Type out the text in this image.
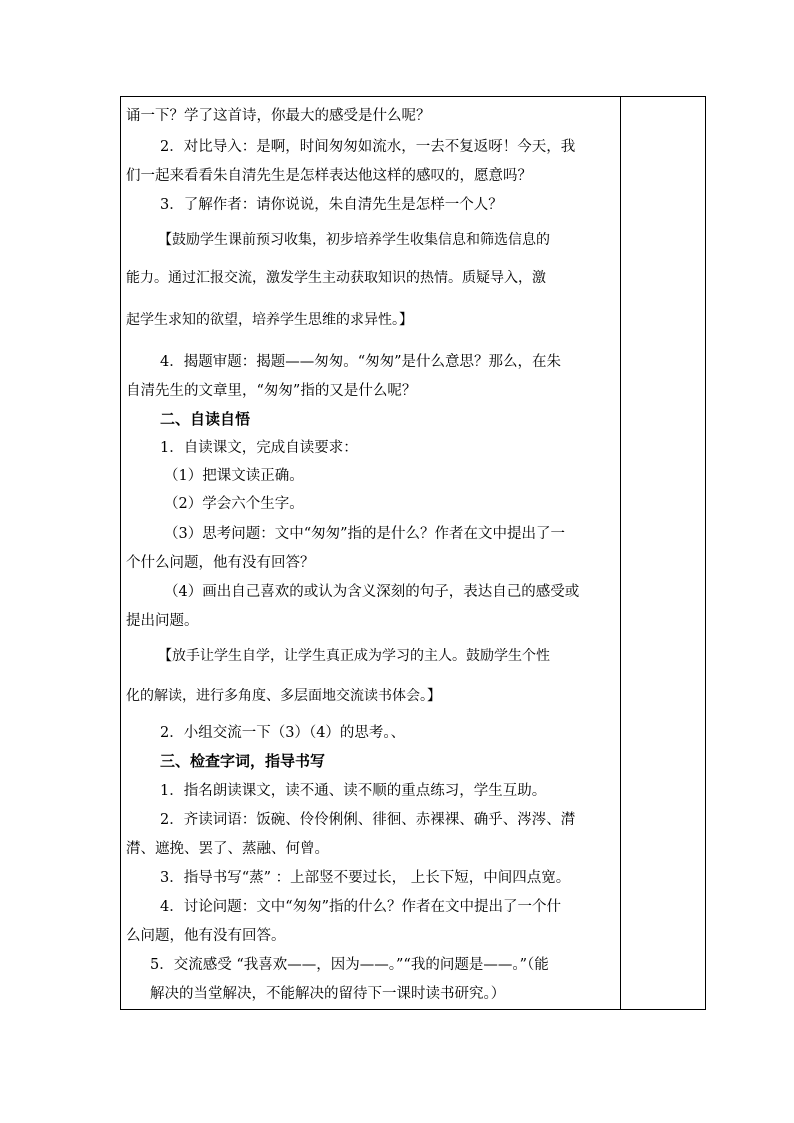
诵一下？学了这首诗，你最大的感受是什么呢？
2．对比导入：是啊，时间匆匆如流水，一去不复返呀！今天，我
们一起来看看朱自清先生是怎样表达他这样的感叹的，愿意吗？
3．了解作者：请你说说，朱自清先生是怎样一个人？
【鼓励学生课前预习收集，初步培养学生收集信息和筛选信息的
能力。通过汇报交流，激发学生主动获取知识的热情。质疑导入，激
起学生求知的欲望，培养学生思维的求异性。】
4．揭题审题：揭题——匆匆。“匆匆”是什么意思？那么，在朱
自清先生的文章里，“匆匆”指的又是什么呢？
二、自读自悟
1．自读课文，完成自读要求：
（1）把课文读正确。
（2）学会六个生字。
（3）思考问题：文中“匆匆”指的是什么？作者在文中提出了一
个什么问题，他有没有回答？
（4）画出自己喜欢的或认为含义深刻的句子，表达自己的感受或
提出问题。
【放手让学生自学，让学生真正成为学习的主人。鼓励学生个性
化的解读，进行多角度、多层面地交流读书体会。】
2．小组交流一下（3）（4）的思考。、
三、检查字词，指导书写
1．指名朗读课文，读不通、读不顺的重点练习，学生互助。
2．齐读词语：饭碗、伶伶俐俐、徘徊、赤裸裸、确乎、涔涔、潸
潸、遮挽、罢了、蒸融、何曾。
3．指导书写“蒸” ：上部竖不要过长， 上长下短，中间四点宽。
4．讨论问题：文中“匆匆”指的什么？作者在文中提出了一个什
么问题，他有没有回答。
5．交流感受 “我喜欢——，因为——。”“我的问题是——。”（能
解决的当堂解决，不能解决的留待下一课时读书研究。）
